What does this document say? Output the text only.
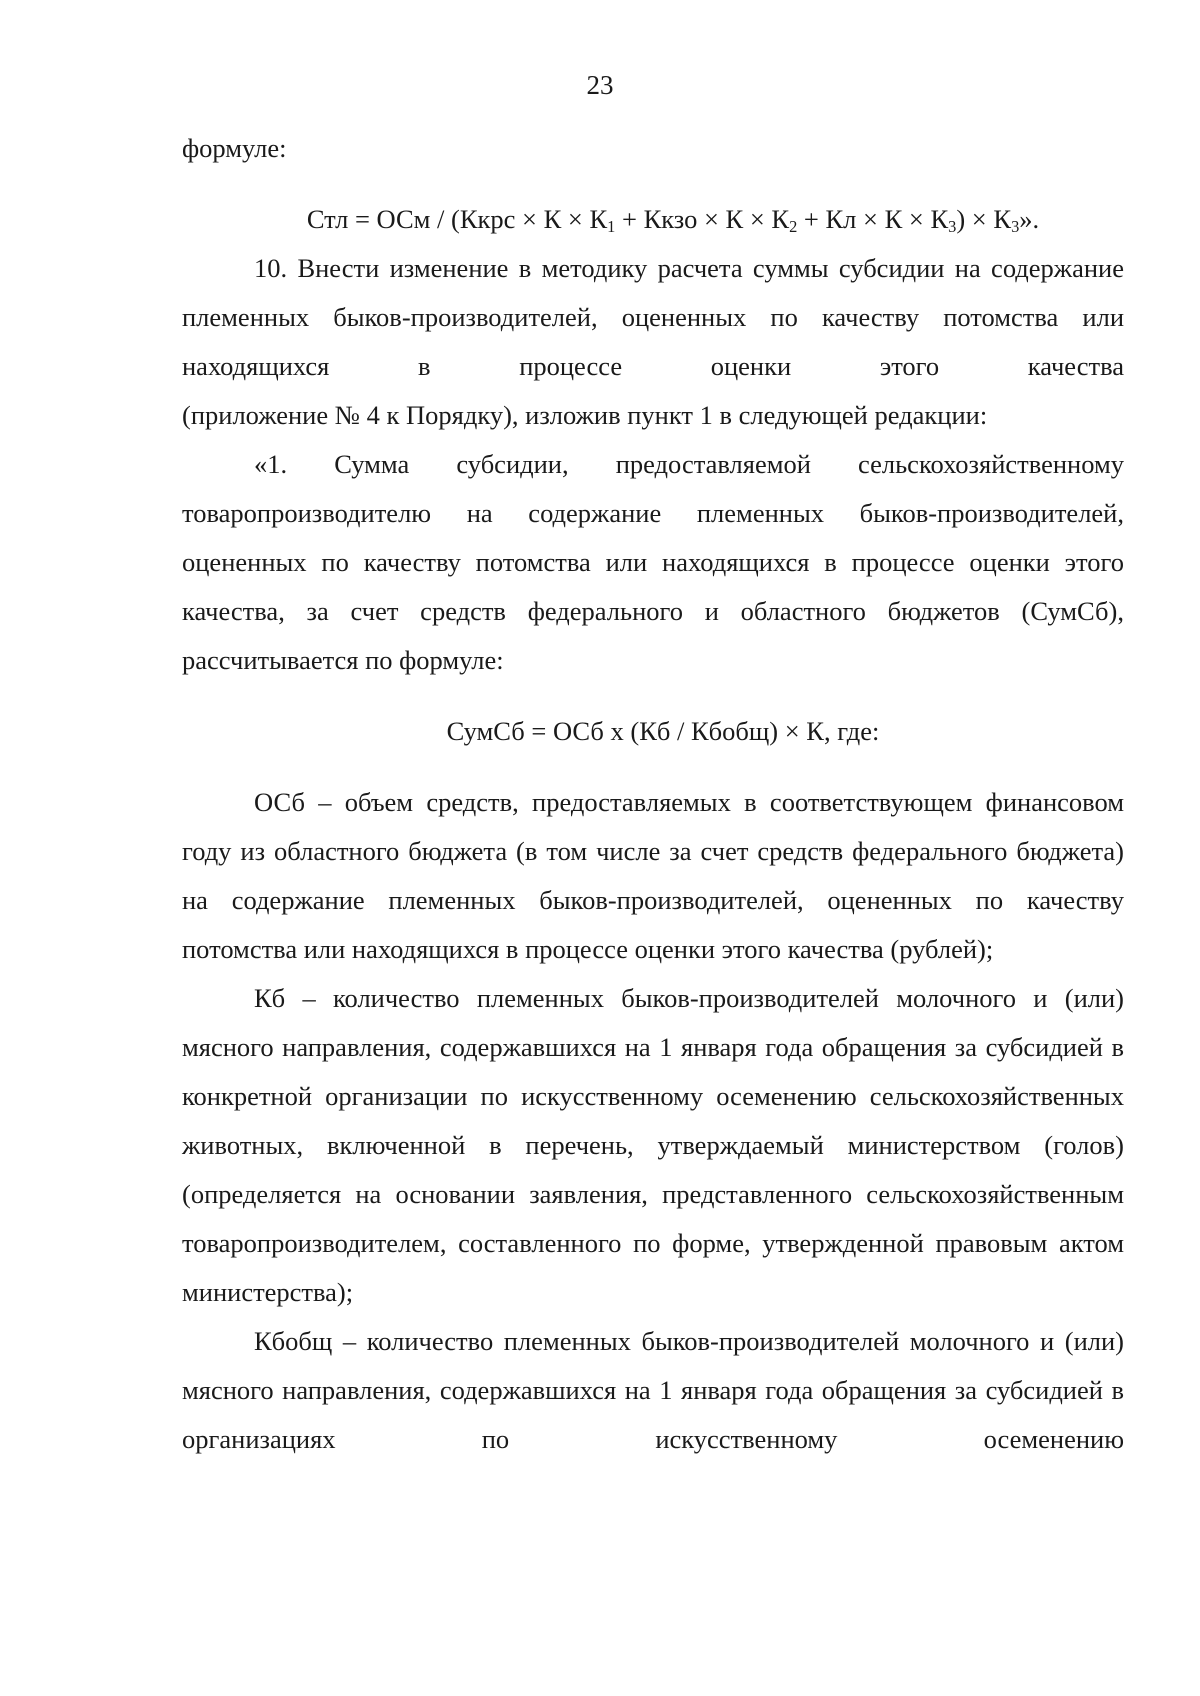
23

формуле:

Стл = ОСм / (Ккрс × К × К1 + Ккзо × К × К2 + Кл × К × К3) × К3».

10. Внести изменение в методику расчета суммы субсидии на содержание племенных быков-производителей, оцененных по качеству потомства или находящихся в процессе оценки этого качества

(приложение № 4 к Порядку), изложив пункт 1 в следующей редакции:

«1. Сумма субсидии, предоставляемой сельскохозяйственному товаропроизводителю на содержание племенных быков-производителей, оцененных по качеству потомства или находящихся в процессе оценки этого качества, за счет средств федерального и областного бюджетов (СумСб), рассчитывается по формуле:

СумСб = ОСб х (Кб / Кбобщ) × К, где:

ОСб – объем средств, предоставляемых в соответствующем финансовом году из областного бюджета (в том числе за счет средств федерального бюджета) на содержание племенных быков-производителей, оцененных по качеству потомства или находящихся в процессе оценки этого качества (рублей);

Кб – количество племенных быков-производителей молочного и (или) мясного направления, содержавшихся на 1 января года обращения за субсидией в конкретной организации по искусственному осеменению сельскохозяйственных животных, включенной в перечень, утверждаемый министерством (голов) (определяется на основании заявления, представленного сельскохозяйственным товаропроизводителем, составленного по форме, утвержденной правовым актом министерства);

Кбобщ – количество племенных быков-производителей молочного и (или) мясного направления, содержавшихся на 1 января года обращения за субсидией в организациях по искусственному осеменению
